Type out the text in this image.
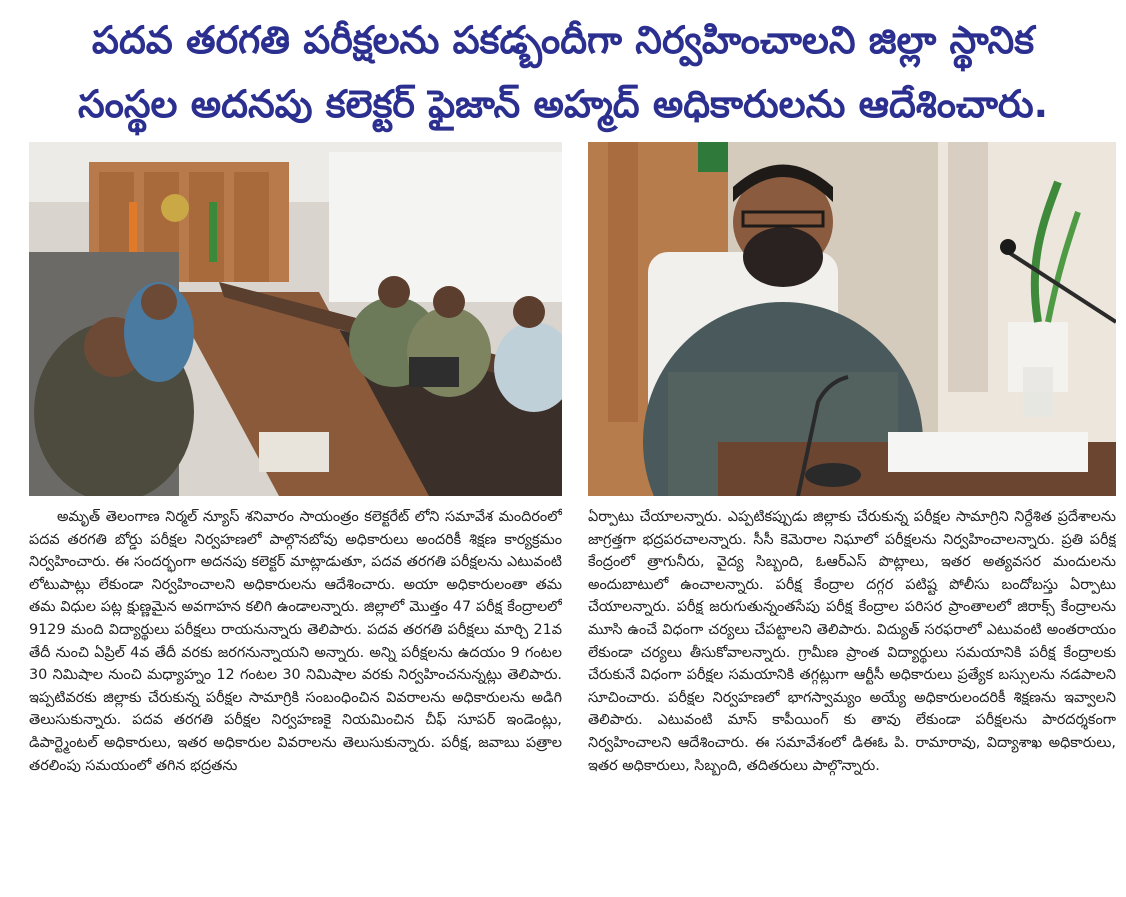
పదవ తరగతి పరీక్షలను పకడ్బందీగా నిర్వహించాలని జిల్లా స్థానిక
సంస్థల అదనపు కలెక్టర్ ఫైజాన్ అహ్మద్ అధికారులను ఆదేశించారు.

అమృత్ తెలంగాణ నిర్మల్ న్యూస్ శనివారం సాయంత్రం కలెక్టరేట్ లోని సమావేశ మందిరంలో పదవ తరగతి బోర్డు పరీక్షల నిర్వహణలో పాల్గొనబోవు అధికారులు అందరికీ శిక్షణ కార్యక్రమం నిర్వహించారు. ఈ సందర్భంగా అదనపు కలెక్టర్ మాట్లాడుతూ, పదవ తరగతి పరీక్షలను ఎటువంటి లోటుపాట్లు లేకుండా నిర్వహించాలని అధికారులను ఆదేశించారు. అయా అధికారులంతా తమ తమ విధుల పట్ల క్షుణ్ణమైన అవగాహన కలిగి ఉండాలన్నారు. జిల్లాలో మొత్తం 47 పరీక్ష కేంద్రాలలో 9129 మంది విద్యార్థులు పరీక్షలు రాయనున్నారు తెలిపారు. పదవ తరగతి పరీక్షలు మార్చి 21వ తేదీ నుంచి ఏప్రిల్ 4వ తేదీ వరకు జరగనున్నాయని అన్నారు. అన్ని పరీక్షలను ఉదయం 9 గంటల 30 నిమిషాల నుంచి మధ్యాహ్నం 12 గంటల 30 నిమిషాల వరకు నిర్వహించనున్నట్లు తెలిపారు. ఇప్పటివరకు జిల్లాకు చేరుకున్న పరీక్షల సామాగ్రికి సంబంధించిన వివరాలను అధికారులను అడిగి తెలుసుకున్నారు. పదవ తరగతి పరీక్షల నిర్వహణకై నియమించిన చీఫ్ సూపర్ ఇండెంట్లు, డిపార్ట్మెంటల్ అధికారులు, ఇతర అధికారుల వివరాలను తెలుసుకున్నారు. పరీక్ష, జవాబు పత్రాల తరలింపు సమయంలో తగిన భద్రతను

ఏర్పాటు చేయాలన్నారు. ఎప్పటికప్పుడు జిల్లాకు చేరుకున్న పరీక్షల సామాగ్రిని నిర్దేశిత ప్రదేశాలను జాగ్రత్తగా భద్రపరచాలన్నారు. సీసీ కెమెరాల నిఘాలో పరీక్షలను నిర్వహించాలన్నారు. ప్రతి పరీక్ష కేంద్రంలో త్రాగునీరు, వైద్య సిబ్బంది, ఓఆర్ఎస్ పొట్లాలు, ఇతర అత్యవసర మందులను అందుబాటులో ఉంచాలన్నారు. పరీక్ష కేంద్రాల దగ్గర పటిష్ట పోలీసు బందోబస్తు ఏర్పాటు చేయాలన్నారు. పరీక్ష జరుగుతున్నంతసేపు పరీక్ష కేంద్రాల పరిసర ప్రాంతాలలో జిరాక్స్ కేంద్రాలను మూసి ఉంచే విధంగా చర్యలు చేపట్టాలని తెలిపారు. విద్యుత్ సరఫరాలో ఎటువంటి అంతరాయం లేకుండా చర్యలు తీసుకోవాలన్నారు. గ్రామీణ ప్రాంత విద్యార్థులు సమయానికి పరీక్ష కేంద్రాలకు చేరుకునే విధంగా పరీక్షల సమయానికి తగ్గట్లుగా ఆర్టీసీ అధికారులు ప్రత్యేక బస్సులను నడపాలని సూచించారు. పరీక్షల నిర్వహణలో భాగస్వామ్యం అయ్యే అధికారులందరికీ శిక్షణను ఇవ్వాలని తెలిపారు. ఎటువంటి మాస్ కాపీయింగ్ కు తావు లేకుండా పరీక్షలను పారదర్శకంగా నిర్వహించాలని ఆదేశించారు. ఈ సమావేశంలో డిఈఓ పి. రామారావు, విద్యాశాఖ అధికారులు, ఇతర అధికారులు, సిబ్బంది, తదితరులు పాల్గొన్నారు.
